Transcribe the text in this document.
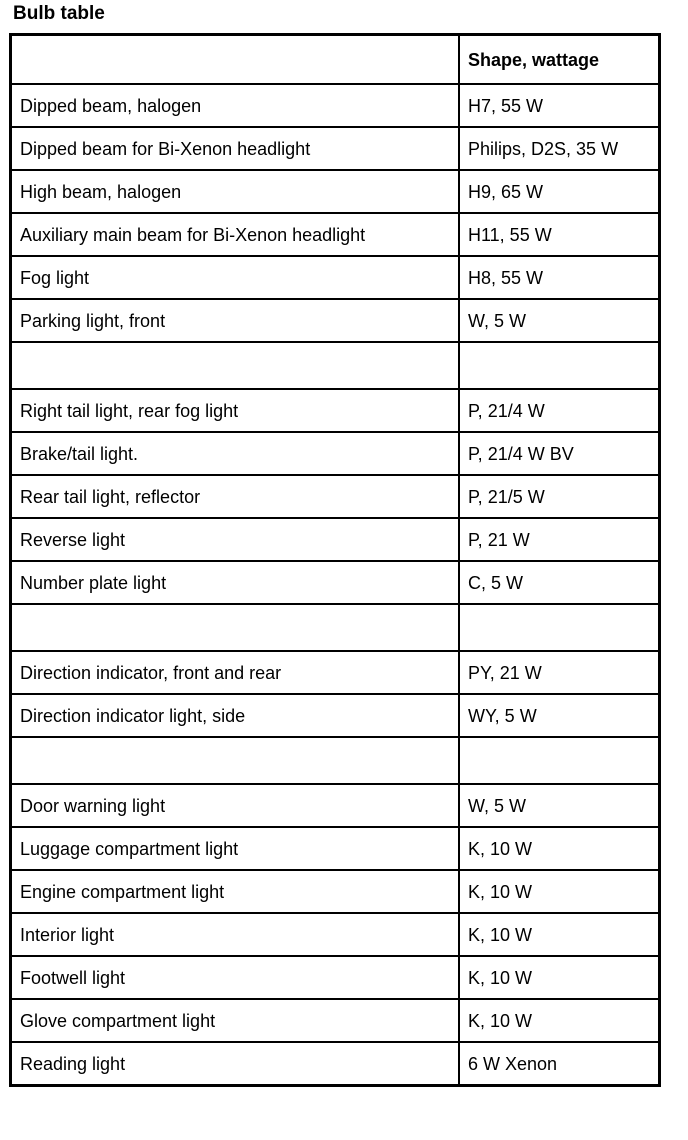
Bulb table
	Shape, wattage
Dipped beam, halogen	H7, 55 W
Dipped beam for Bi-Xenon headlight	Philips, D2S, 35 W
High beam, halogen	H9, 65 W
Auxiliary main beam for Bi-Xenon headlight	H11, 55 W
Fog light	H8, 55 W
Parking light, front	W, 5 W

Right tail light, rear fog light	P, 21/4 W
Brake/tail light.	P, 21/4 W BV
Rear tail light, reflector	P, 21/5 W
Reverse light	P, 21 W
Number plate light	C, 5 W

Direction indicator, front and rear	PY, 21 W
Direction indicator light, side	WY, 5 W

Door warning light	W, 5 W
Luggage compartment light	K, 10 W
Engine compartment light	K, 10 W
Interior light	K, 10 W
Footwell light	K, 10 W
Glove compartment light	K, 10 W
Reading light	6 W Xenon
